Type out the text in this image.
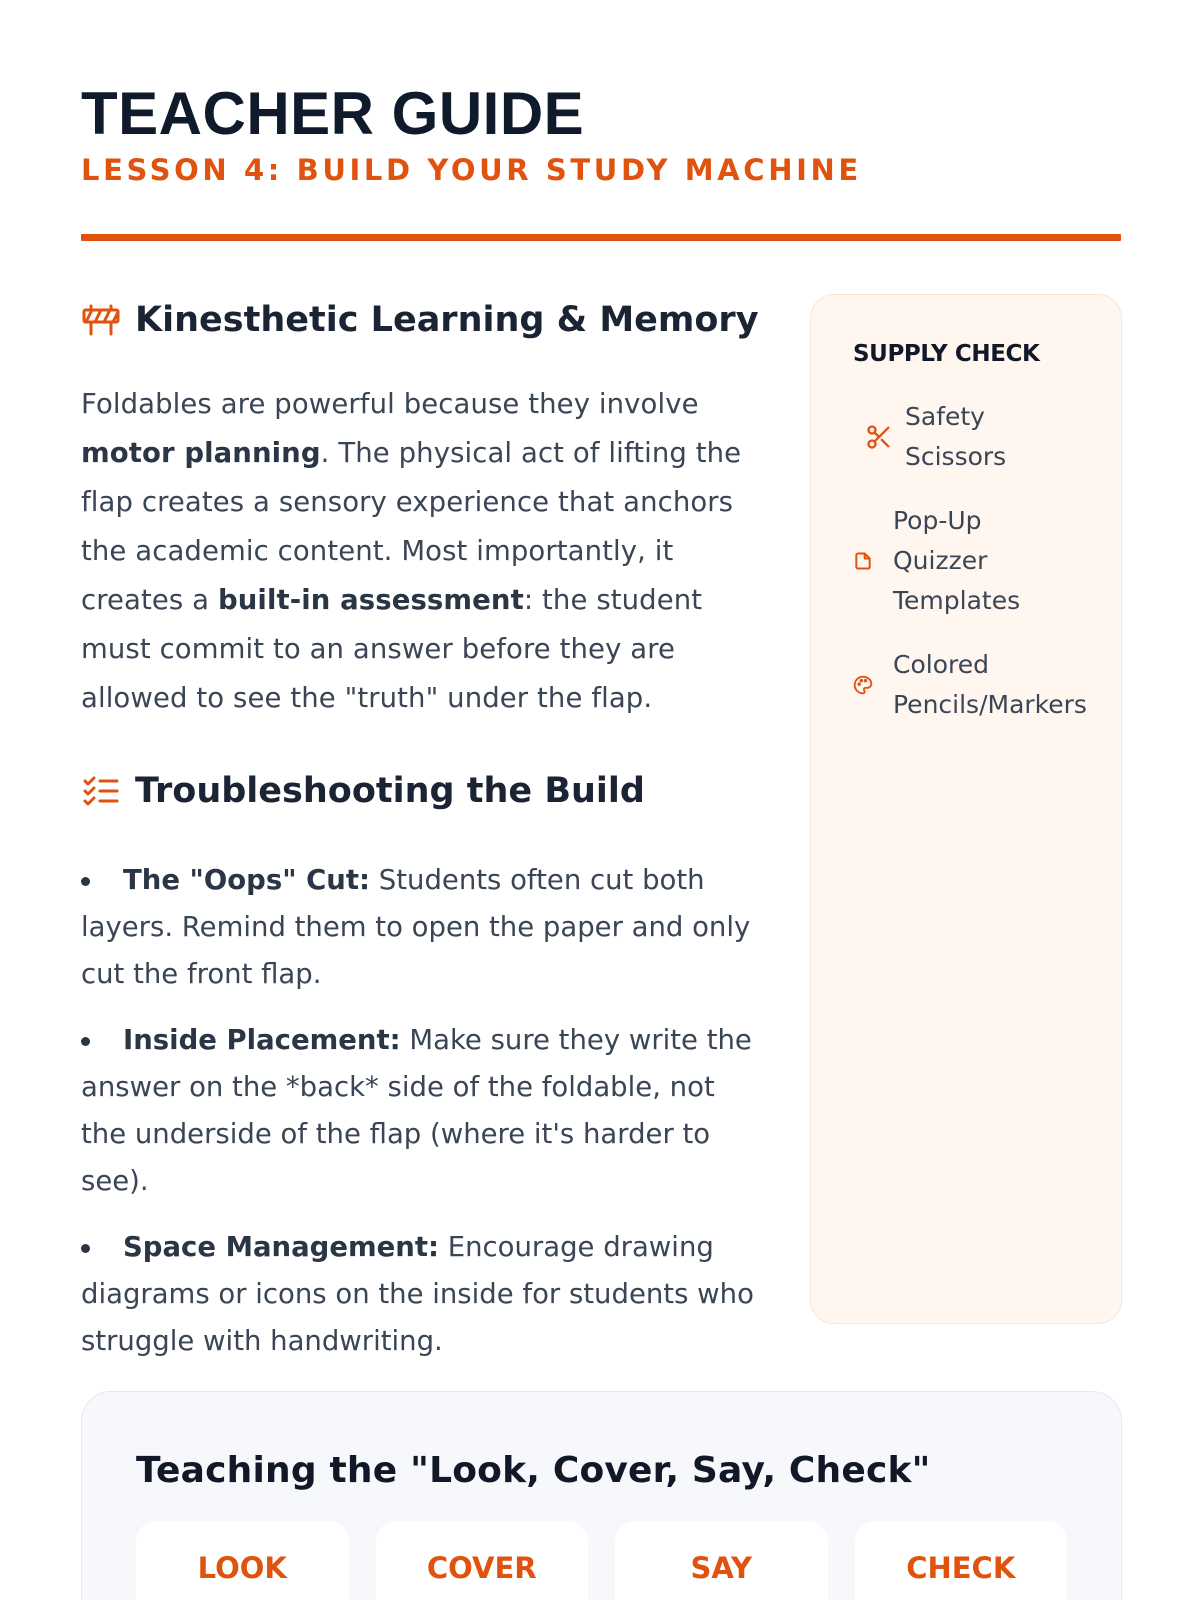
TEACHER GUIDE
LESSON 4: BUILD YOUR STUDY MACHINE
Kinesthetic Learning & Memory

Foldables are powerful because they involve motor planning. The physical act of lifting the flap creates a sensory experience that anchors the academic content. Most importantly, it creates a built-in assessment: the student must commit to an answer before they are allowed to see the "truth" under the flap.

Troubleshooting the Build
The "Oops" Cut: Students often cut both layers. Remind them to open the paper and only cut the front flap.
Inside Placement: Make sure they write the answer on the *back* side of the foldable, not the underside of the flap (where it's harder to see).
Space Management: Encourage drawing diagrams or icons on the inside for students who struggle with handwriting.
SUPPLY CHECK
Safety Scissors
Pop-Up Quizzer Templates
Colored Pencils/Markers
Teaching the "Look, Cover, Say, Check"
LOOK	COVER	SAY	CHECK
